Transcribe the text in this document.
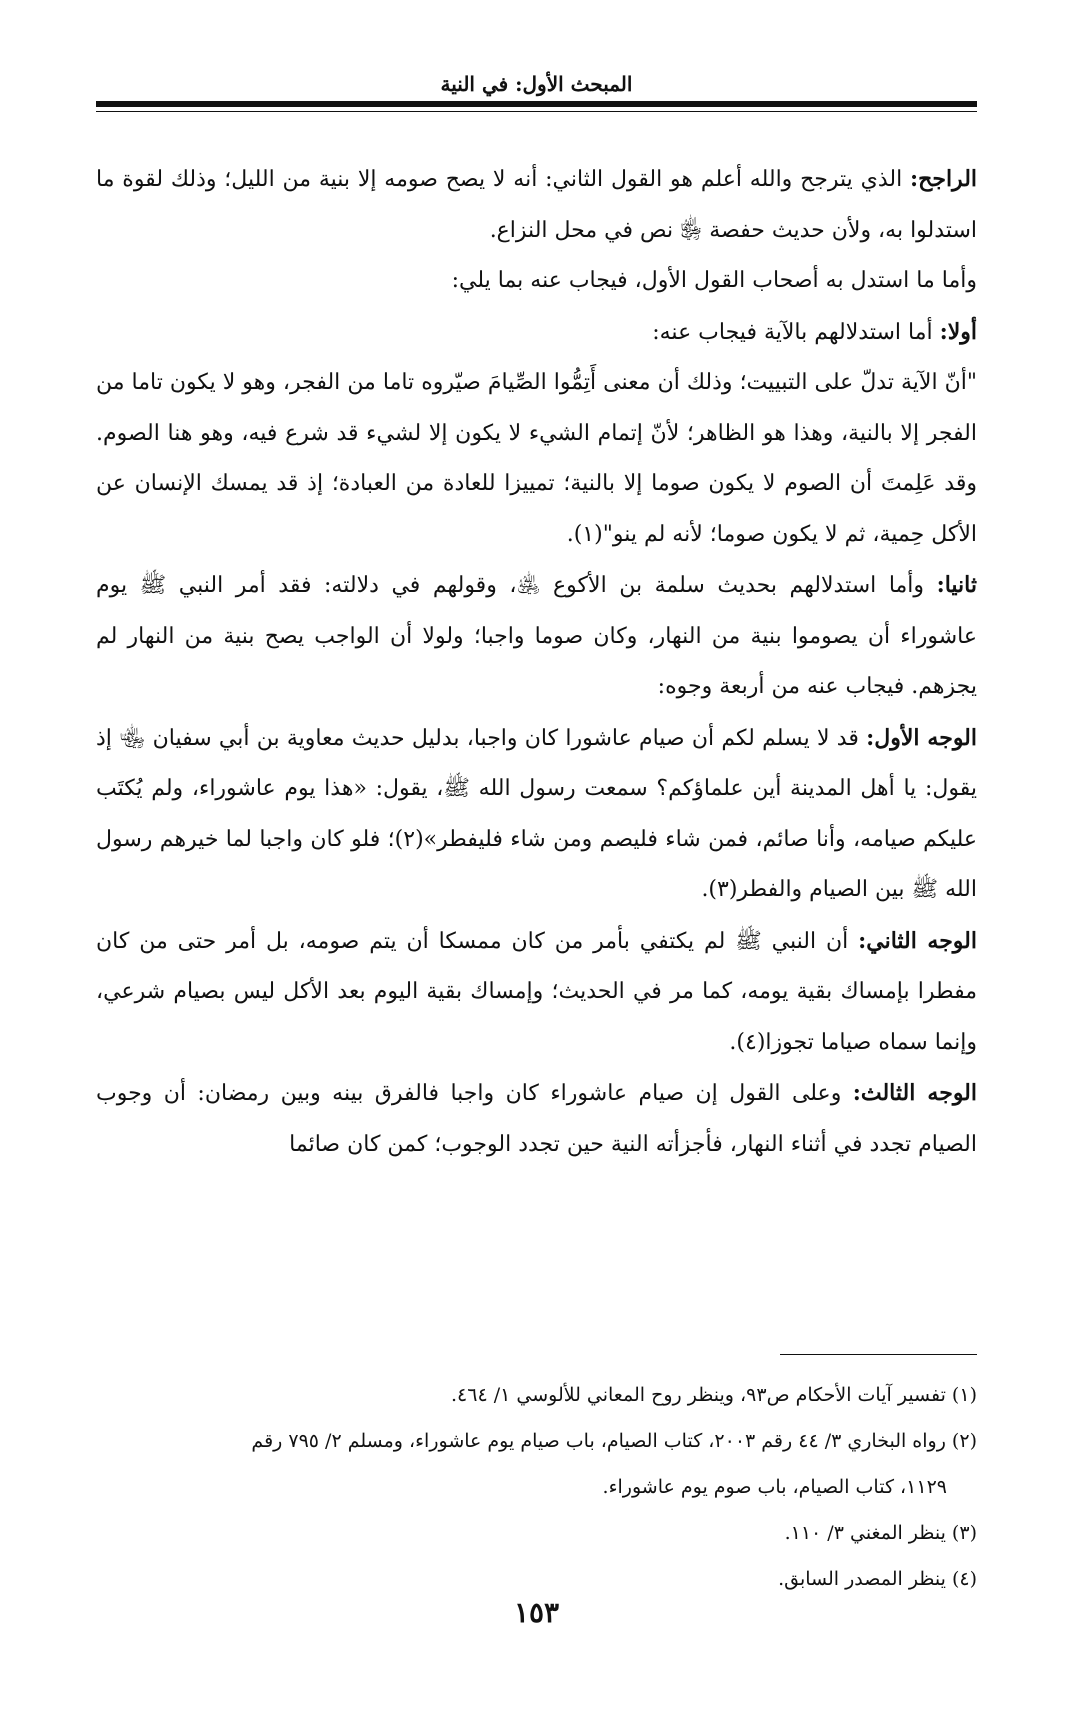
المبحث الأول: في النية

الراجح: الذي يترجح والله أعلم هو القول الثاني: أنه لا يصح صومه إلا بنية من الليل؛ وذلك لقوة ما استدلوا به، ولأن حديث حفصة ﵂ نص في محل النزاع.

وأما ما استدل به أصحاب القول الأول، فيجاب عنه بما يلي:

أولا: أما استدلالهم بالآية فيجاب عنه:

"أنّ الآية تدلّ على التبييت؛ وذلك أن معنى أَتِمُّوا الصِّيامَ صيّروه تاما من الفجر، وهو لا يكون تاما من الفجر إلا بالنية، وهذا هو الظاهر؛ لأنّ إتمام الشيء لا يكون إلا لشيء قد شرع فيه، وهو هنا الصوم. وقد عَلِمتَ أن الصوم لا يكون صوما إلا بالنية؛ تمييزا للعادة من العبادة؛ إذ قد يمسك الإنسان عن الأكل حِمية، ثم لا يكون صوما؛ لأنه لم ينو"(١).

ثانيا: وأما استدلالهم بحديث سلمة بن الأكوع ﵁، وقولهم في دلالته: فقد أمر النبي ﷺ يوم عاشوراء أن يصوموا بنية من النهار، وكان صوما واجبا؛ ولولا أن الواجب يصح بنية من النهار لم يجزهم. فيجاب عنه من أربعة وجوه:

الوجه الأول: قد لا يسلم لكم أن صيام عاشورا كان واجبا، بدليل حديث معاوية بن أبي سفيان ﵄ إذ يقول: يا أهل المدينة أين علماؤكم؟ سمعت رسول الله ﷺ، يقول: «هذا يوم عاشوراء، ولم يُكتَب عليكم صيامه، وأنا صائم، فمن شاء فليصم ومن شاء فليفطر»(٢)؛ فلو كان واجبا لما خيرهم رسول الله ﷺ بين الصيام والفطر(٣).

الوجه الثاني: أن النبي ﷺ لم يكتفي بأمر من كان ممسكا أن يتم صومه، بل أمر حتى من كان مفطرا بإمساك بقية يومه، كما مر في الحديث؛ وإمساك بقية اليوم بعد الأكل ليس بصيام شرعي، وإنما سماه صياما تجوزا(٤).

الوجه الثالث: وعلى القول إن صيام عاشوراء كان واجبا فالفرق بينه وبين رمضان: أن وجوب الصيام تجدد في أثناء النهار، فأجزأته النية حين تجدد الوجوب؛ كمن كان صائما

(١) تفسير آيات الأحكام ص٩٣، وينظر روح المعاني للألوسي ١/ ٤٦٤.

(٢) رواه البخاري ٣/ ٤٤ رقم ٢٠٠٣، كتاب الصيام، باب صيام يوم عاشوراء، ومسلم ٢/ ٧٩٥ رقم

١١٢٩، كتاب الصيام، باب صوم يوم عاشوراء.

(٣) ينظر المغني ٣/ ١١٠.

(٤) ينظر المصدر السابق.

١٥٣
